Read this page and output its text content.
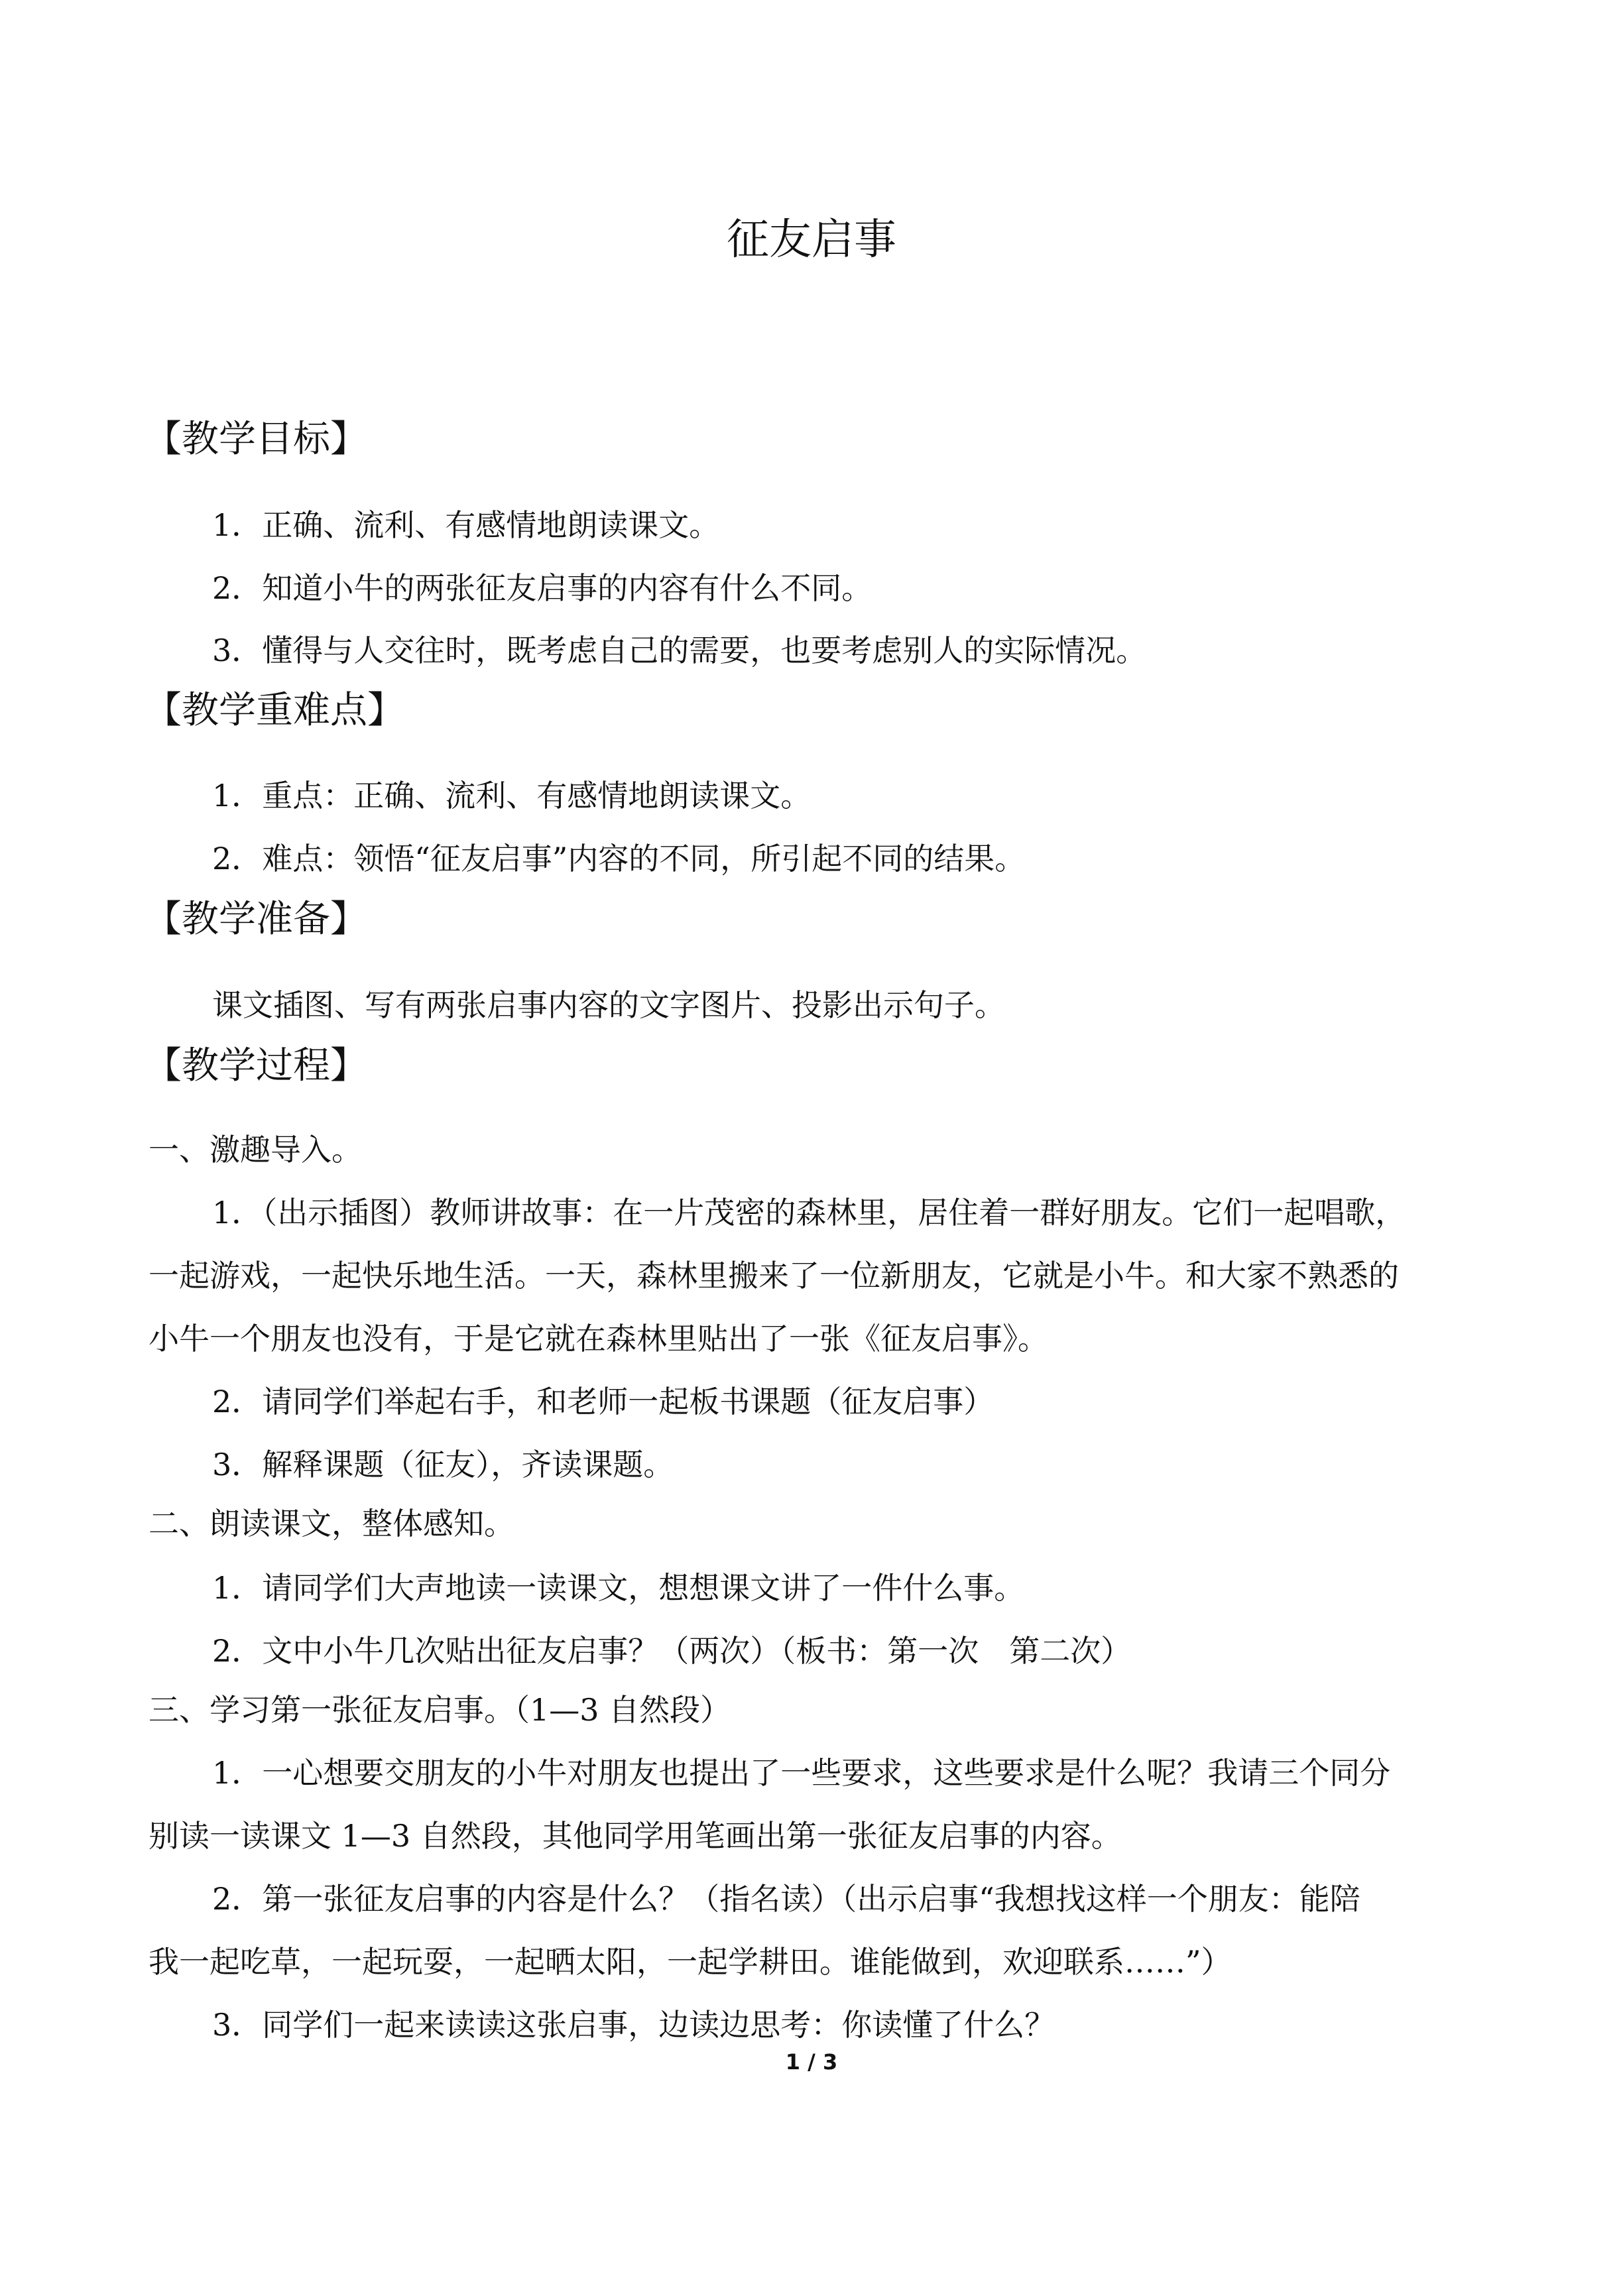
征友启事
【教学目标】
1．正确、流利、有感情地朗读课文。
2．知道小牛的两张征友启事的内容有什么不同。
3．懂得与人交往时，既考虑自己的需要，也要考虑别人的实际情况。
【教学重难点】
1．重点：正确、流利、有感情地朗读课文。
2．难点：领悟“征友启事”内容的不同，所引起不同的结果。
【教学准备】
课文插图、写有两张启事内容的文字图片、投影出示句子。
【教学过程】
一、激趣导入。
1．（出示插图）教师讲故事：在一片茂密的森林里，居住着一群好朋友。它们一起唱歌，
一起游戏，一起快乐地生活。一天，森林里搬来了一位新朋友，它就是小牛。和大家不熟悉的
小牛一个朋友也没有，于是它就在森林里贴出了一张《征友启事》。
2．请同学们举起右手，和老师一起板书课题（征友启事）
3．解释课题（征友），齐读课题。
二、朗读课文，整体感知。
1．请同学们大声地读一读课文，想想课文讲了一件什么事。
2．文中小牛几次贴出征友启事？（两次）（板书：第一次　第二次）
三、学习第一张征友启事。（1—3 自然段）
1．一心想要交朋友的小牛对朋友也提出了一些要求，这些要求是什么呢？我请三个同分
别读一读课文 1—3 自然段，其他同学用笔画出第一张征友启事的内容。
2．第一张征友启事的内容是什么？（指名读）（出示启事“我想找这样一个朋友：能陪
我一起吃草，一起玩耍，一起晒太阳，一起学耕田。谁能做到，欢迎联系……”）
3．同学们一起来读读这张启事，边读边思考：你读懂了什么？
1 / 3
